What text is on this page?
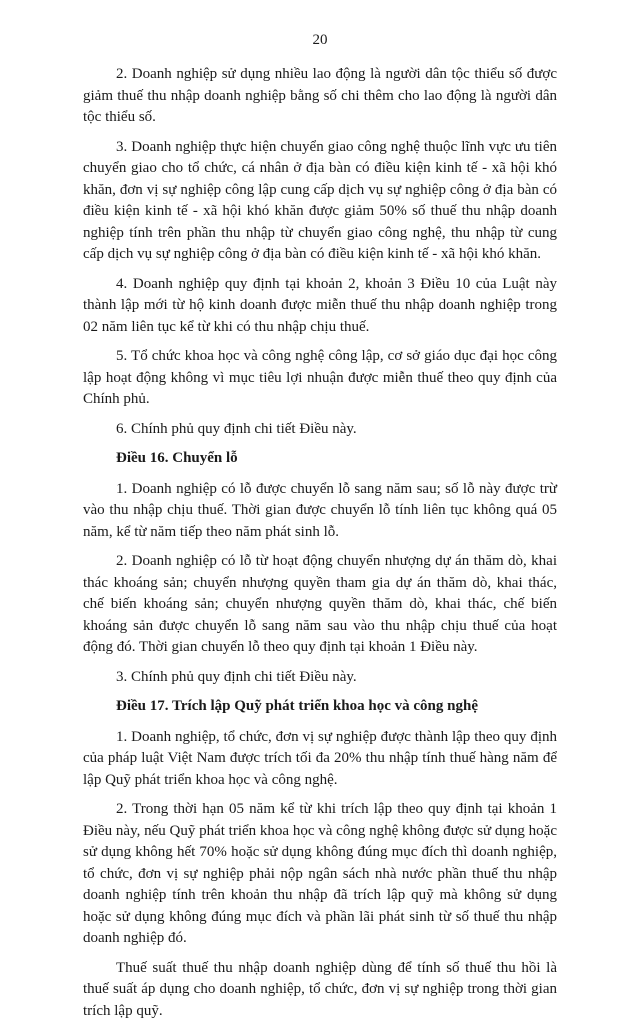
20

2. Doanh nghiệp sử dụng nhiều lao động là người dân tộc thiểu số được giảm thuế thu nhập doanh nghiệp bằng số chi thêm cho lao động là người dân tộc thiểu số.

3. Doanh nghiệp thực hiện chuyển giao công nghệ thuộc lĩnh vực ưu tiên chuyển giao cho tổ chức, cá nhân ở địa bàn có điều kiện kinh tế - xã hội khó khăn, đơn vị sự nghiệp công lập cung cấp dịch vụ sự nghiệp công ở địa bàn có điều kiện kinh tế - xã hội khó khăn được giảm 50% số thuế thu nhập doanh nghiệp tính trên phần thu nhập từ chuyển giao công nghệ, thu nhập từ cung cấp dịch vụ sự nghiệp công ở địa bàn có điều kiện kinh tế - xã hội khó khăn.

4. Doanh nghiệp quy định tại khoản 2, khoản 3 Điều 10 của Luật này thành lập mới từ hộ kinh doanh được miễn thuế thu nhập doanh nghiệp trong 02 năm liên tục kể từ khi có thu nhập chịu thuế.

5. Tổ chức khoa học và công nghệ công lập, cơ sở giáo dục đại học công lập hoạt động không vì mục tiêu lợi nhuận được miễn thuế theo quy định của Chính phủ.

6. Chính phủ quy định chi tiết Điều này.

Điều 16. Chuyển lỗ

1. Doanh nghiệp có lỗ được chuyển lỗ sang năm sau; số lỗ này được trừ vào thu nhập chịu thuế. Thời gian được chuyển lỗ tính liên tục không quá 05 năm, kể từ năm tiếp theo năm phát sinh lỗ.

2. Doanh nghiệp có lỗ từ hoạt động chuyển nhượng dự án thăm dò, khai thác khoáng sản; chuyển nhượng quyền tham gia dự án thăm dò, khai thác, chế biến khoáng sản; chuyển nhượng quyền thăm dò, khai thác, chế biến khoáng sản được chuyển lỗ sang năm sau vào thu nhập chịu thuế của hoạt động đó. Thời gian chuyển lỗ theo quy định tại khoản 1 Điều này.

3. Chính phủ quy định chi tiết Điều này.

Điều 17. Trích lập Quỹ phát triển khoa học và công nghệ

1. Doanh nghiệp, tổ chức, đơn vị sự nghiệp được thành lập theo quy định của pháp luật Việt Nam được trích tối đa 20% thu nhập tính thuế hàng năm để lập Quỹ phát triển khoa học và công nghệ.

2. Trong thời hạn 05 năm kể từ khi trích lập theo quy định tại khoản 1 Điều này, nếu Quỹ phát triển khoa học và công nghệ không được sử dụng hoặc sử dụng không hết 70% hoặc sử dụng không đúng mục đích thì doanh nghiệp, tổ chức, đơn vị sự nghiệp phải nộp ngân sách nhà nước phần thuế thu nhập doanh nghiệp tính trên khoản thu nhập đã trích lập quỹ mà không sử dụng hoặc sử dụng không đúng mục đích và phần lãi phát sinh từ số thuế thu nhập doanh nghiệp đó.

Thuế suất thuế thu nhập doanh nghiệp dùng để tính số thuế thu hồi là thuế suất áp dụng cho doanh nghiệp, tổ chức, đơn vị sự nghiệp trong thời gian trích lập quỹ.
